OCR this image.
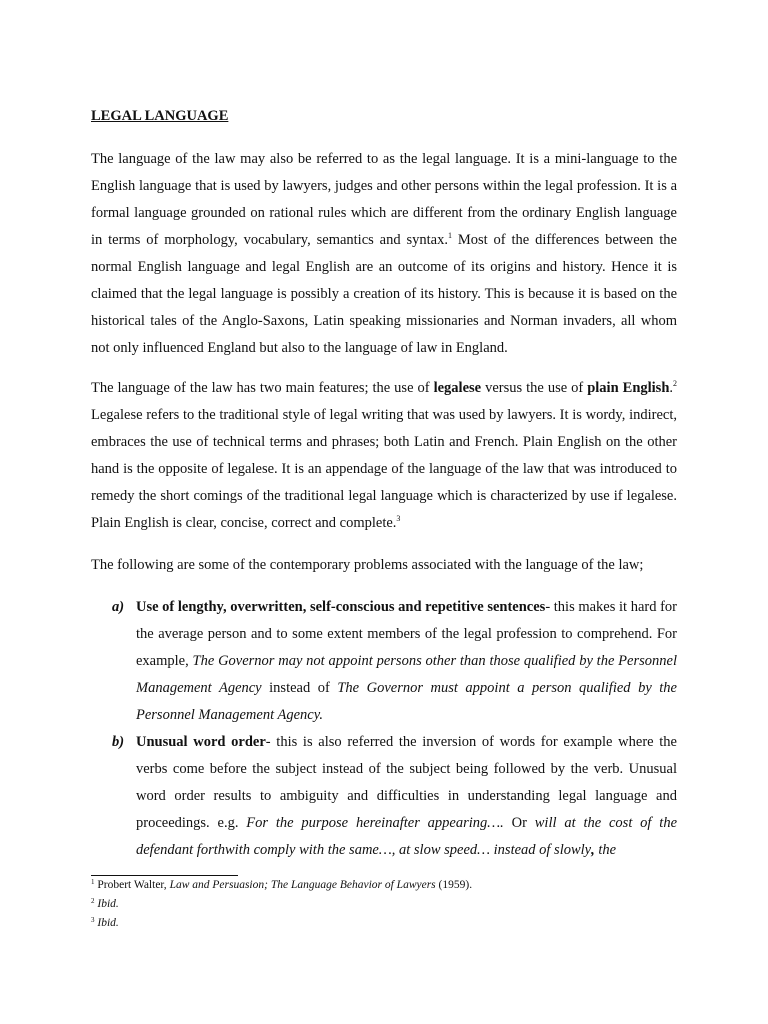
LEGAL LANGUAGE

The language of the law may also be referred to as the legal language. It is a mini-language to the English language that is used by lawyers, judges and other persons within the legal profession. It is a formal language grounded on rational rules which are different from the ordinary English language in terms of morphology, vocabulary, semantics and syntax.$^1$ Most of the differences between the normal English language and legal English are an outcome of its origins and history. Hence it is claimed that the legal language is possibly a creation of its history. This is because it is based on the historical tales of the Anglo-Saxons, Latin speaking missionaries and Norman invaders, all whom not only influenced England but also to the language of law in England.

The language of the law has two main features; the use of legalese versus the use of plain English.$^2$ Legalese refers to the traditional style of legal writing that was used by lawyers. It is wordy, indirect, embraces the use of technical terms and phrases; both Latin and French. Plain English on the other hand is the opposite of legalese. It is an appendage of the language of the law that was introduced to remedy the short comings of the traditional legal language which is characterized by use if legalese. Plain English is clear, concise, correct and complete.$^3$

The following are some of the contemporary problems associated with the language of the law;

a) Use of lengthy, overwritten, self-conscious and repetitive sentences- this makes it hard for the average person and to some extent members of the legal profession to comprehend. For example, The Governor may not appoint persons other than those qualified by the Personnel Management Agency instead of The Governor must appoint a person qualified by the Personnel Management Agency.

b) Unusual word order- this is also referred the inversion of words for example where the verbs come before the subject instead of the subject being followed by the verb. Unusual word order results to ambiguity and difficulties in understanding legal language and proceedings. e.g. For the purpose hereinafter appearing…. Or will at the cost of the defendant forthwith comply with the same…, at slow speed… instead of slowly, the

$^1$ Probert Walter, Law and Persuasion; The Language Behavior of Lawyers (1959).
$^2$ Ibid.
$^3$ Ibid.
